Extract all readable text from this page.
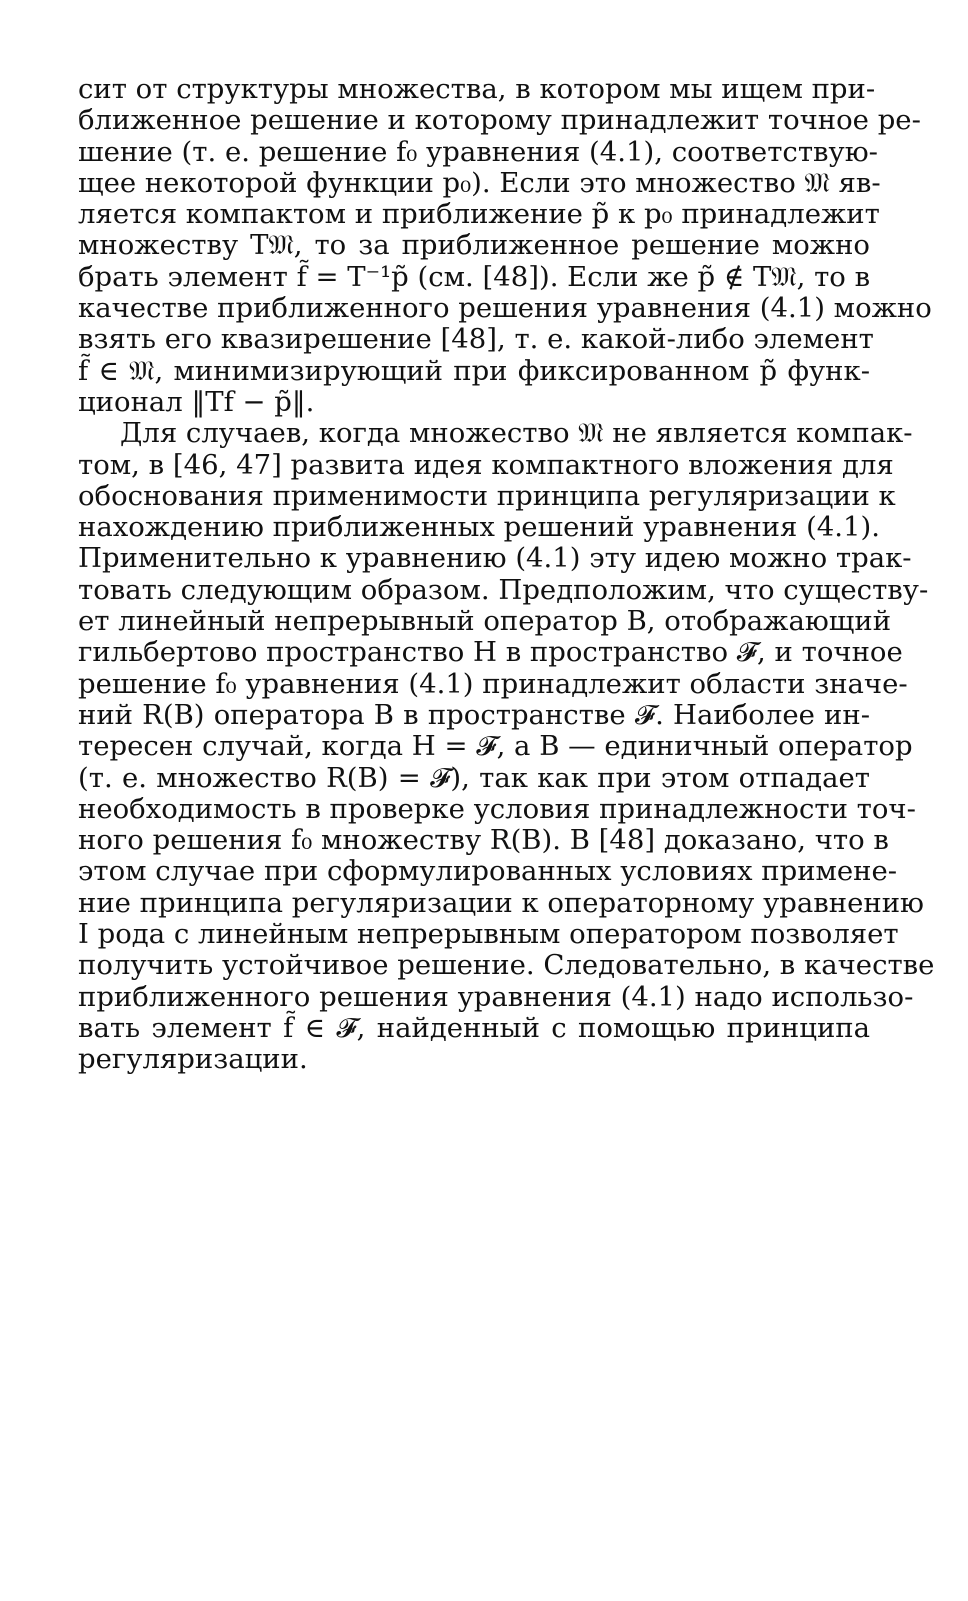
сит от структуры множества, в котором мы ищем при-
ближенное решение и которому принадлежит точное ре-
шение (т. е. решение f₀ уравнения (4.1), соответствую-
щее некоторой функции p₀). Если это множество 𝔐 яв-
ляется компактом и приближение p̃ к p₀ принадлежит
множеству T𝔐, то за приближенное решение можно
брать элемент f̃ = T⁻¹p̃ (см. [48]). Если же p̃ ∉ T𝔐, то в
качестве приближенного решения уравнения (4.1) можно
взять его квазирешение [48], т. е. какой-либо элемент
f̃ ∈ 𝔐, минимизирующий при фиксированном p̃ функ-
ционал ‖Tf − p̃‖.
Для случаев, когда множество 𝔐 не является компак-
том, в [46, 47] развита идея компактного вложения для
обоснования применимости принципа регуляризации к
нахождению приближенных решений уравнения (4.1).
Применительно к уравнению (4.1) эту идею можно трак-
товать следующим образом. Предположим, что существу-
ет линейный непрерывный оператор B, отображающий
гильбертово пространство H в пространство 𝓕, и точное
решение f₀ уравнения (4.1) принадлежит области значе-
ний R(B) оператора B в пространстве 𝓕. Наиболее ин-
тересен случай, когда H = 𝓕, а B — единичный оператор
(т. е. множество R(B) = 𝓕), так как при этом отпадает
необходимость в проверке условия принадлежности точ-
ного решения f₀ множеству R(B). В [48] доказано, что в
этом случае при сформулированных условиях примене-
ние принципа регуляризации к операторному уравнению
I рода с линейным непрерывным оператором позволяет
получить устойчивое решение. Следовательно, в качестве
приближенного решения уравнения (4.1) надо использо-
вать элемент f̃ ∈ 𝓕, найденный с помощью принципа
регуляризации.
